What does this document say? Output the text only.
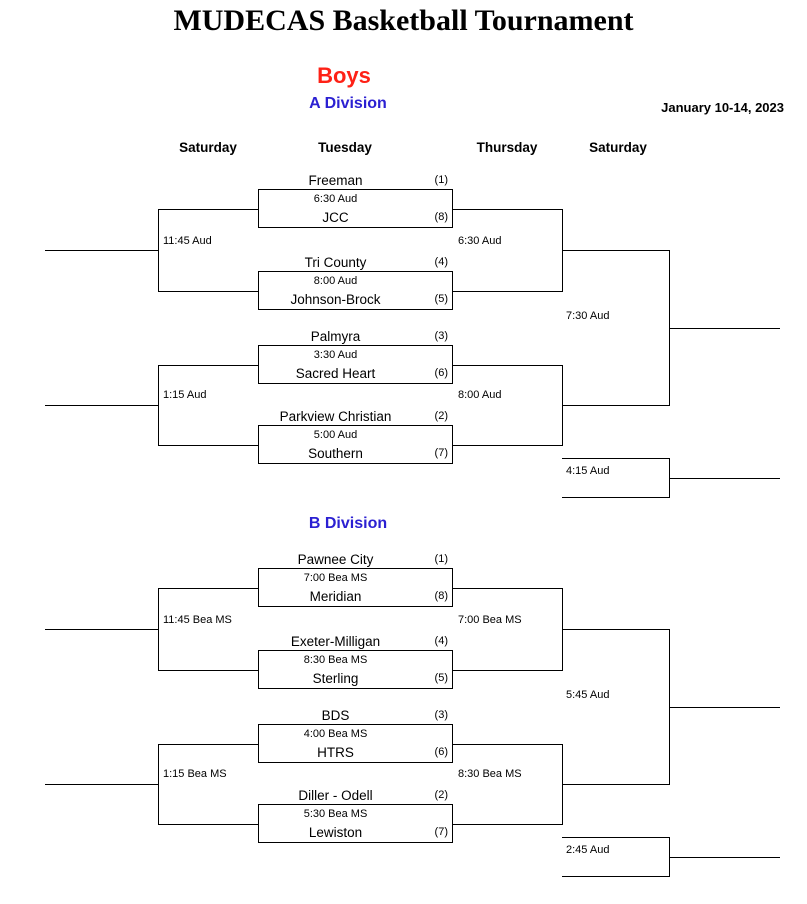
MUDECAS Basketball Tournament
Boys
January 10-14, 2023
Saturday	Tuesday	Thursday	Saturday
A Division
Freeman	(1)
6:30 Aud
JCC	(8)
Tri County	(4)
8:00 Aud
Johnson-Brock	(5)
Palmyra	(3)
3:30 Aud
Sacred Heart	(6)
Parkview Christian	(2)
5:00 Aud
Southern	(7)
11:45 Aud	6:30 Aud
1:15 Aud	8:00 Aud
7:30 Aud
4:15 Aud
B Division
Pawnee City	(1)
7:00 Bea MS
Meridian	(8)
Exeter-Milligan	(4)
8:30 Bea MS
Sterling	(5)
BDS	(3)
4:00 Bea MS
HTRS	(6)
Diller - Odell	(2)
5:30 Bea MS
Lewiston	(7)
11:45 Bea MS	7:00 Bea MS
1:15 Bea MS	8:30 Bea MS
5:45 Aud
2:45 Aud
